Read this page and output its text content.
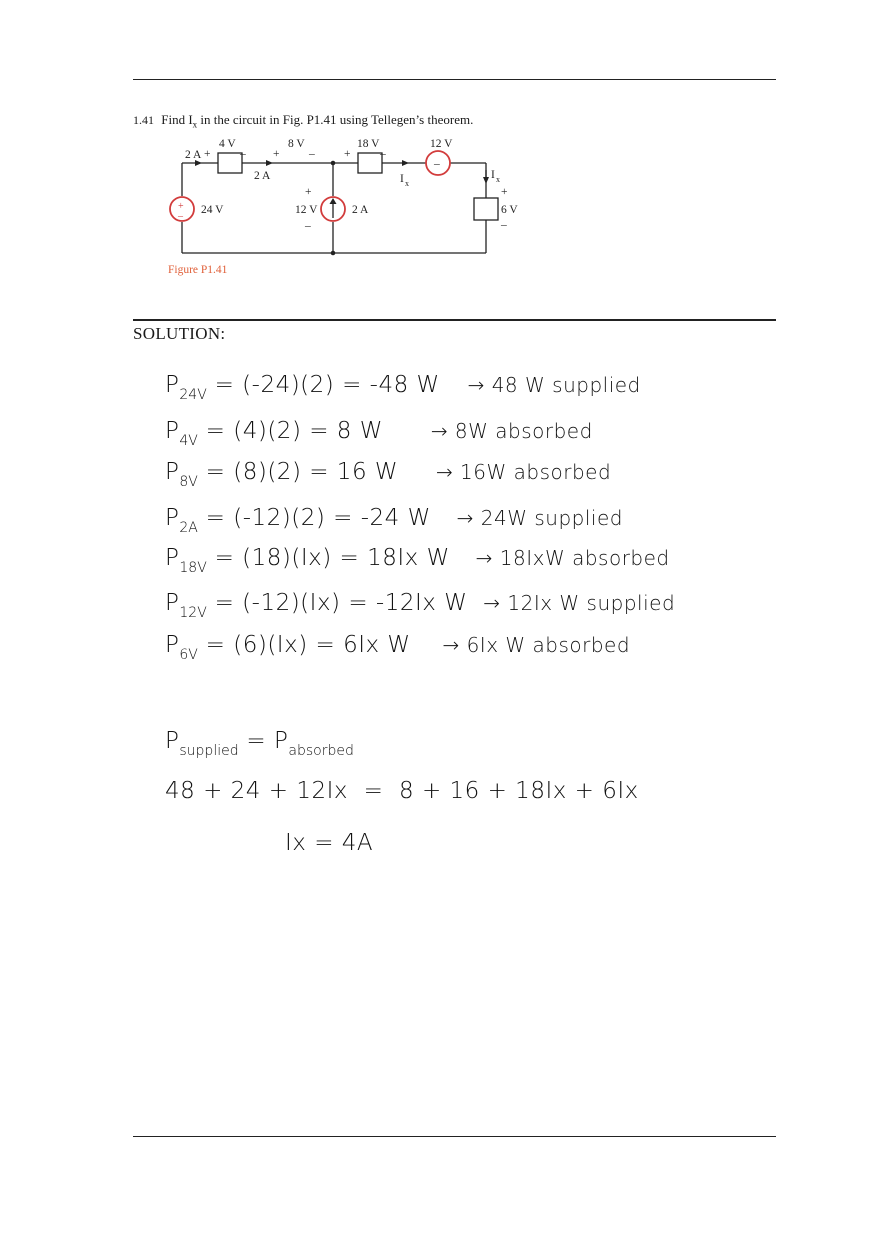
1.41 Find $I_x$ in the circuit in Fig. P1.41 using Tellegen’s theorem.
2 A +
4 V
– +
8 V
–
2 A
+
18 V
–
12 V
–
I x
I x
+
6 V
–
+
–
24 V
+
12 V
–
2 A
Figure P1.41
SOLUTION:
$P_{24V} = (-24)(2) = -48$ W → 48 W supplied
$P_{4V} = (4)(2) = 8$ W → 8W absorbed
$P_{8V} = (8)(2) = 16$ W → 16W absorbed
$P_{2A} = (-12)(2) = -24$ W → 24W supplied
$P_{18V} = (18)(Ix) = 18Ix$ W → 18IxW absorbed
$P_{12V} = (-12)(Ix) = -12Ix$ W → 12Ix W supplied
$P_{6V} = (6)(Ix) = 6Ix$ W → 6Ix W absorbed
$P_{supplied} = P_{absorbed}$
48 + 24 + 12Ix  =  8 + 16 + 18Ix + 6Ix
Ix = 4A
